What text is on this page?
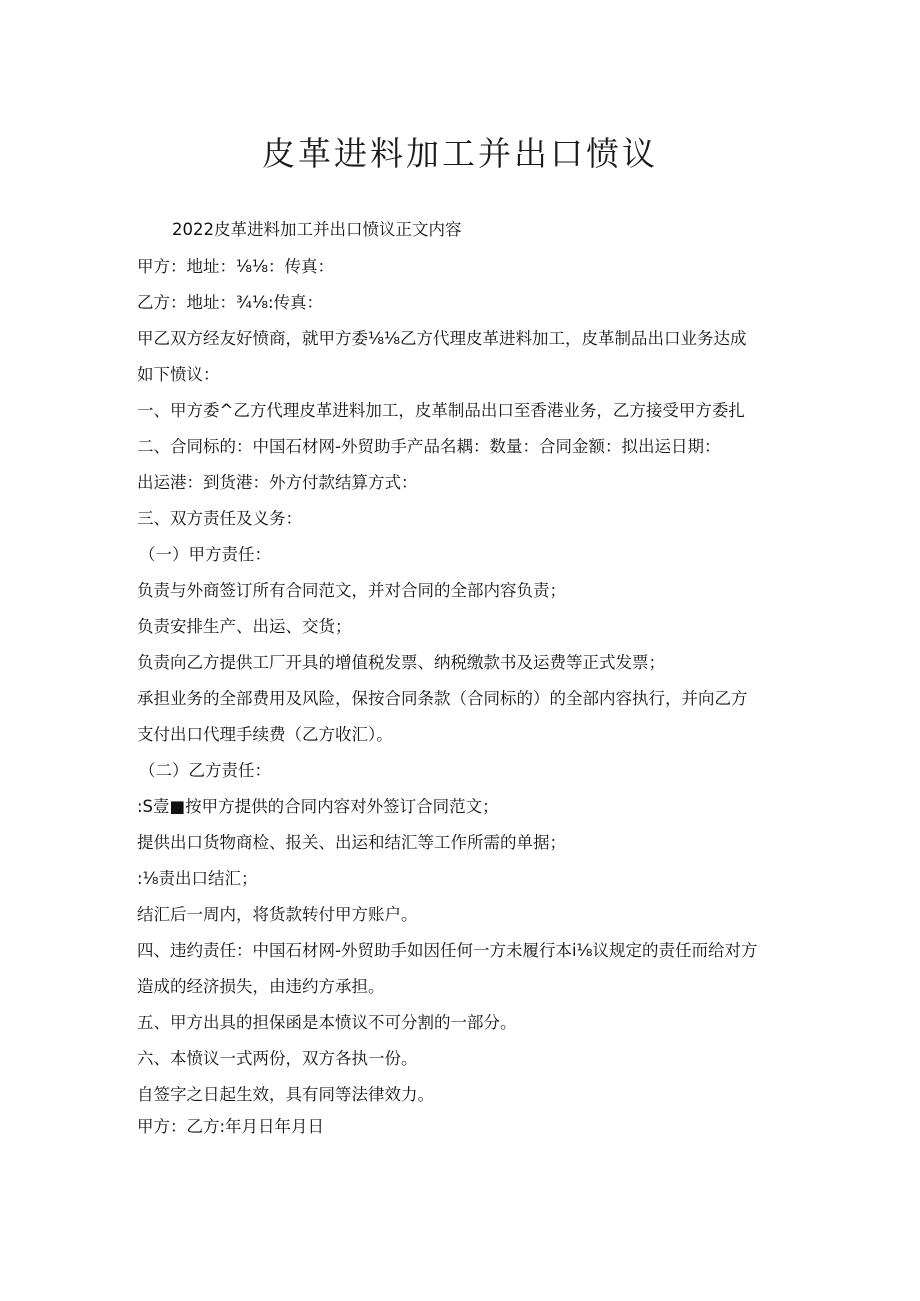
皮革进料加工并出口愤议

2022皮革进料加工并出口愤议正文内容

甲方：地址：⅛⅛：传真：

乙方：地址：¾⅛:传真：

甲乙双方经友好愤商，就甲方委⅛⅛乙方代理皮革进料加工，皮革制品出口业务达成

如下愤议：

一、甲方委^乙方代理皮革进料加工，皮革制品出口至香港业务，乙方接受甲方委扎

二、合同标的：中国石材网-外贸助手产品名耦：数量：合同金额：拟出运日期：

出运港：到货港：外方付款结算方式：

三、双方责任及义务：

（一）甲方责任：

负责与外商签订所有合同范文，并对合同的全部内容负责；

负责安排生产、出运、交货；

负责向乙方提供工厂开具的增值税发票、纳税缴款书及运费等正式发票；

承担业务的全部费用及风险，保按合同条款（合同标的）的全部内容执行，并向乙方

支付出口代理手续费（乙方收汇）。

（二）乙方责任：

:S壹■按甲方提供的合同内容对外签订合同范文；

提供出口货物商检、报关、出运和结汇等工作所需的单据；

:⅛责出口结汇；

结汇后一周内，将货款转付甲方账户。

四、违约责任：中国石材网-外贸助手如因任何一方未履行本i⅛议规定的责任而给对方

造成的经济损失，由违约方承担。

五、甲方出具的担保函是本愤议不可分割的一部分。

六、本愤议一式两份，双方各执一份。

自签字之日起生效，具有同等法律效力。

甲方：乙方:年月日年月日
